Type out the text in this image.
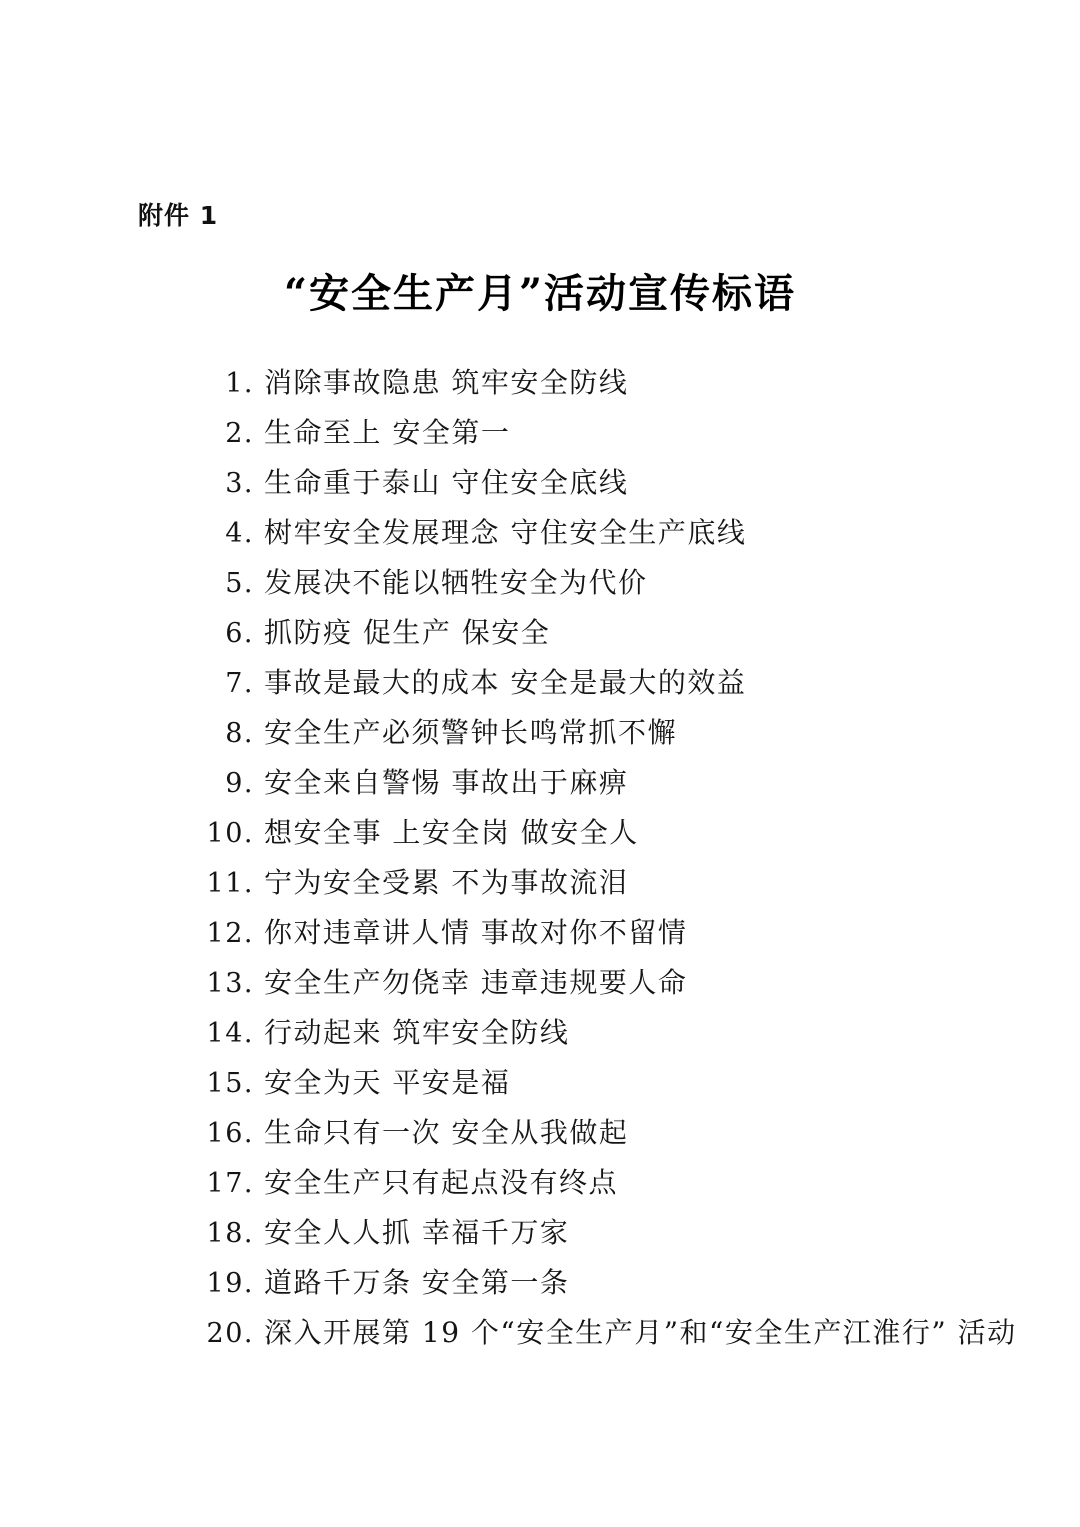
附件 1
“安全生产月”活动宣传标语
1. 消除事故隐患 筑牢安全防线
2. 生命至上 安全第一
3. 生命重于泰山 守住安全底线
4. 树牢安全发展理念 守住安全生产底线
5. 发展决不能以牺牲安全为代价
6. 抓防疫 促生产 保安全
7. 事故是最大的成本 安全是最大的效益
8. 安全生产必须警钟长鸣常抓不懈
9. 安全来自警惕 事故出于麻痹
10. 想安全事 上安全岗 做安全人
11. 宁为安全受累 不为事故流泪
12. 你对违章讲人情 事故对你不留情
13. 安全生产勿侥幸 违章违规要人命
14. 行动起来 筑牢安全防线
15. 安全为天 平安是福
16. 生命只有一次 安全从我做起
17. 安全生产只有起点没有终点
18. 安全人人抓 幸福千万家
19. 道路千万条 安全第一条
20. 深入开展第 19 个“安全生产月”和“安全生产江淮行” 活动
